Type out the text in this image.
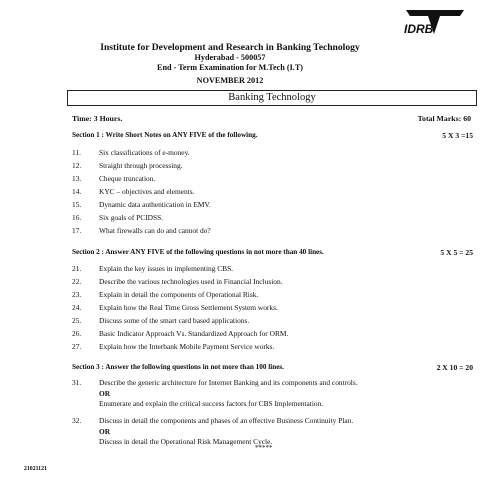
IDRB
Institute for Development and Research in Banking Technology
Hyderabad - 500057
End - Term Examination for M.Tech (I.T)
NOVEMBER 2012
Banking Technology
Time: 3 Hours.	Total Marks: 60
Section 1 : Write Short Notes on ANY FIVE of the following.	5 X 3 =15
11.	Six classifications of e-money.
12.	Straight through processing.
13.	Cheque truncation.
14.	KYC – objectives and elements.
15.	Dynamic data authentication in EMV.
16.	Six goals of PCIDSS.
17.	What firewalls can do and cannot do?
Section 2 : Answer ANY FIVE of the following questions in not more than 40 lines.	5 X 5 = 25
21.	Explain the key issues in implementing CBS.
22.	Describe the various technologies used in Financial Inclusion.
23.	Explain in detail the components of Operational Risk.
24.	Explain how the Real Time Gross Settlement System works.
25.	Discuss some of the smart card based applications.
26.	Basic Indicator Approach Vs. Standardized Approach for ORM.
27.	Explain how the Interbank Mobile Payment Service works.
Section 3 : Answer the following questions in not more than 100 lines.	2 X 10 = 20
31.	Describe the generic architecture for Internet Banking and its components and controls.
OR
Enumerate and explain the critical success factors for CBS Implementation.
32.	Discuss in detail the components and phases of an effective Business Continuity Plan.
OR
Discuss in detail the Operational Risk Management Cycle.
*****
21021121
